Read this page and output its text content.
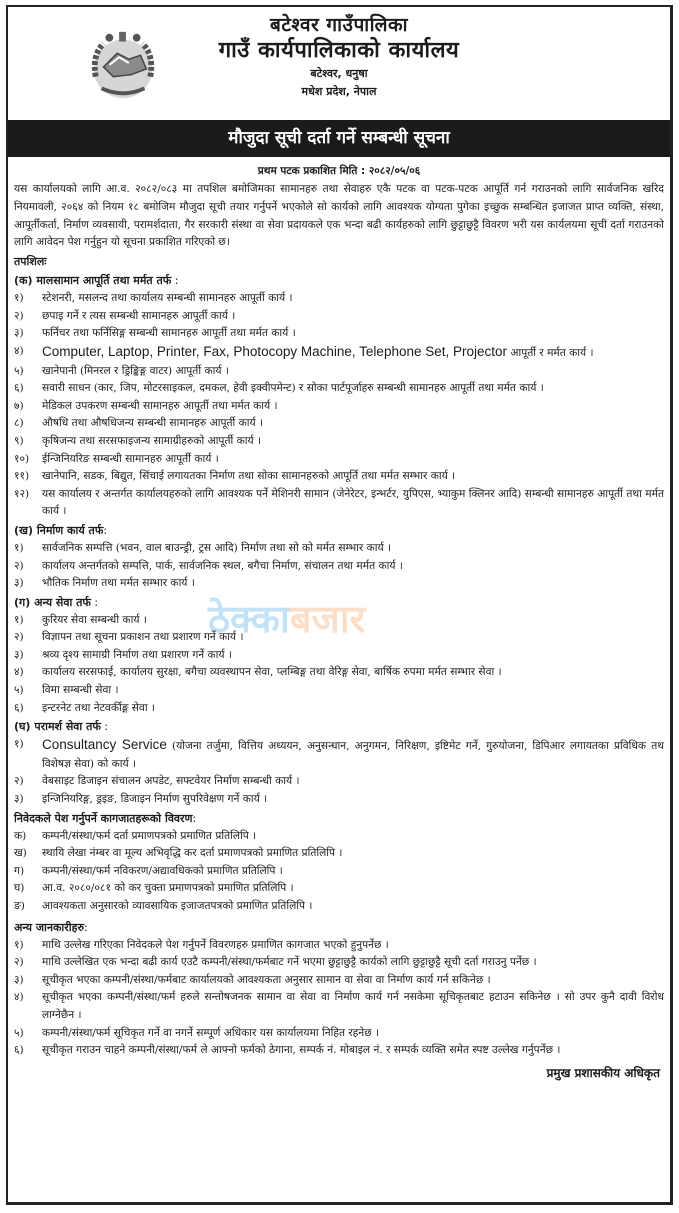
बटेश्वर गाउँपालिका
गाउँ कार्यपालिकाको कार्यालय
बटेश्वर, धनुषा
मधेश प्रदेश, नेपाल
मौजुदा सूची दर्ता गर्ने सम्बन्धी सूचना
प्रथम पटक प्रकाशित मिति : २०८२/०५/०६

यस कार्यालयको लागि आ.व. २०८२/०८३ मा तपशिल बमोजिमका सामानहरु तथा सेवाहरु एकै पटक वा पटक-पटक आपूर्ति गर्न गराउनको लागि सार्वजनिक खरिद नियमावली, २०६४ को नियम १८ बमोजिम मौजुदा सूची तयार गर्नुपर्ने भएकोले सो कार्यको लागि आवश्यक योग्यता पुगेका इच्छुक सम्बन्धित इजाजत प्राप्त व्यक्ति, संस्था, आपूर्तीकर्ता, निर्माण व्यवसायी, परामर्शदाता, गैर सरकारी संस्था वा सेवा प्रदायकले एक भन्दा बढी कार्यहरुको लागि छुट्टाछुट्टै विवरण भरी यस कार्यलयमा सूची दर्ता गराउनको लागि आवेदन पेश गर्नुहुन यो सूचना प्रकाशित गरिएको छ।

तपशिलः
(क) मालसामान आपूर्ति तथा मर्मत तर्फ :
१)	स्टेशनरी, मसलन्द तथा कार्यालय सम्बन्धी सामानहरु आपूर्ती कार्य ।
२)	छपाइ गर्ने र त्यस सम्बन्धी सामानहरु आपूर्ती कार्य ।
३)	फर्निचर तथा फर्निसिङ्ग सम्बन्धी सामानहरु आपूर्ती तथा मर्मत कार्य ।
४)	Computer, Laptop, Printer, Fax, Photocopy Machine, Telephone Set, Projector आपूर्ती र मर्मत कार्य ।
५)	खानेपानी (मिनरल र ड्रिङ्किङ्ग वाटर) आपूर्ती कार्य ।
६)	सवारी साधन (कार, जिप, मोटरसाइकल, दमकल, हेवी इक्वीपमेन्ट) र सोका पार्टपूर्जाहरु सम्बन्धी सामानहरु आपूर्ती तथा मर्मत कार्य ।
७)	मेडिकल उपकरण सम्बन्धी सामानहरु आपूर्ती तथा मर्मत कार्य ।
८)	औषधि तथा औषधिजन्य सम्बन्धी सामानहरु आपूर्ती कार्य ।
९)	कृषिजन्य तथा सरसफाइजन्य सामाग्रीहरुको आपूर्ती कार्य ।
१०)	ईन्जिनियरिङ सम्बन्धी सामानहरु आपूर्ती कार्य ।
११)	खानेपानि, सडक, बिद्युत, सिंचाई लगायतका निर्माण तथा सोका सामानहरुको आपूर्ति तथा मर्मत सम्भार कार्य ।
१२)	यस कार्यालय र अन्तर्गत कार्यालयहरुको लागि आवश्यक पर्ने मेशिनरी सामान (जेनेरेटर, इन्भर्टर, युपिएस, भ्याकुम क्लिनर आदि) सम्बन्धी सामानहरु आपूर्ती तथा मर्मत कार्य ।
(ख) निर्माण कार्य तर्फ:
१)	सार्वजनिक सम्पत्ति (भवन, वाल बाउन्ड्री, ट्रस आदि) निर्माण तथा सो को मर्मत सम्भार कार्य ।
२)	कार्यालय अन्तर्गतको सम्पत्ति, पार्क, सार्वजनिक स्थल, बगैचा निर्माण, संचालन तथा मर्मत कार्य ।
३)	भौतिक निर्माण तथा मर्मत सम्भार कार्य ।
(ग) अन्य सेवा तर्फ :
१)	कुरियर सेवा सम्बन्धी कार्य ।
२)	विज्ञापन तथा सूचना प्रकाशन तथा प्रशारण गर्ने कार्य ।
३)	श्रव्य दृश्य सामाग्री निर्माण तथा प्रशारण गर्ने कार्य ।
४)	कार्यालय सरसफाई, कार्यालय सुरक्षा, बगैचा व्यवस्थापन सेवा, प्लम्बिङ्ग तथा वेरिङ्ग सेवा, बार्षिक रुपमा मर्मत सम्भार सेवा ।
५)	विमा सम्बन्धी सेवा ।
६)	इन्टरनेट तथा नेटवर्कीङ्ग सेवा ।
(घ) परामर्श सेवा तर्फ :
१)	Consultancy Service (योजना तर्जुमा, वित्तिय अध्ययन, अनुसन्धान, अनुगमन, निरिक्षण, इष्टिमेट गर्ने, गुरुयोजना, डिपिआर लगायतका प्रविधिक तथ विशेषज्ञ सेवा) को कार्य ।
२)	वेबसाइट डिजाइन संचालन अपडेट, सफ्टवेयर निर्माण सम्बन्धी कार्य ।
३)	इन्जिनियरिङ्ग, ड्रइङ, डिजाइन निर्माण सुपरिवेक्षण गर्ने कार्य ।
निवेदकले पेश गर्नुपर्ने कागजातहरूको विवरण:
क)	कम्पनी/संस्था/फर्म दर्ता प्रमाणपत्रको प्रमाणित प्रतिलिपि ।
ख)	स्थायि लेखा नंम्बर वा मूल्य अभिवृद्धि कर दर्ता प्रमाणपत्रको प्रमाणित प्रतिलिपि ।
ग)	कम्पनी/संस्था/फर्म नविकरण/अद्यावधिकको प्रमाणित प्रतिलिपि ।
घ)	आ.व. २०८०/०८१ को कर चुक्ता प्रमाणपत्रको प्रमाणित प्रतिलिपि ।
ङ)	आवश्यकता अनुसारको व्यावसायिक इजाजतपत्रको प्रमाणित प्रतिलिपि ।
अन्य जानकारीहरु:
१)	माथि उल्लेख गरिएका निवेदकले पेश गर्नुपर्ने विवरणहरु प्रमाणित कागजात भएको हुनुपर्नेछ ।
२)	माथि उल्लेखित एक भन्दा बढी कार्य एउटै कम्पनी/संस्था/फर्मबाट गर्ने भएमा छुट्टाछुट्टै कार्यको लागि छुट्टाछुट्टै सूची दर्ता गराउनु पर्नेछ ।
३)	सूचीकृत भएका कम्पनी/संस्था/फर्मबाट कार्यालयको आवश्यकता अनुसार सामान वा सेवा वा निर्माण कार्य गर्न सकिनेछ ।
४)	सूचीकृत भएका कम्पनी/संस्था/फर्म हरुले सन्तोषजनक सामान वा सेवा वा निर्माण कार्य गर्न नसकेमा सूचिकृतबाट हटाउन सकिनेछ । सो उपर कुनै दावी विरोध लाग्नेछैन ।
५)	कम्पनी/संस्था/फर्म सूचिकृत गर्ने वा नगर्ने सम्पूर्ण अधिकार यस कार्यालयमा निहित रहनेछ ।
६)	सूचीकृत गराउन चाहने कम्पनी/संस्था/फर्म ले आफ्नो फर्मको ठेगाना, सम्पर्क नं. मोबाइल नं. र सम्पर्क व्यक्ति समेत स्पष्ट उल्लेख गर्नुपर्नेछ ।
प्रमुख प्रशासकीय अधिकृत
ठेक्काबजार
